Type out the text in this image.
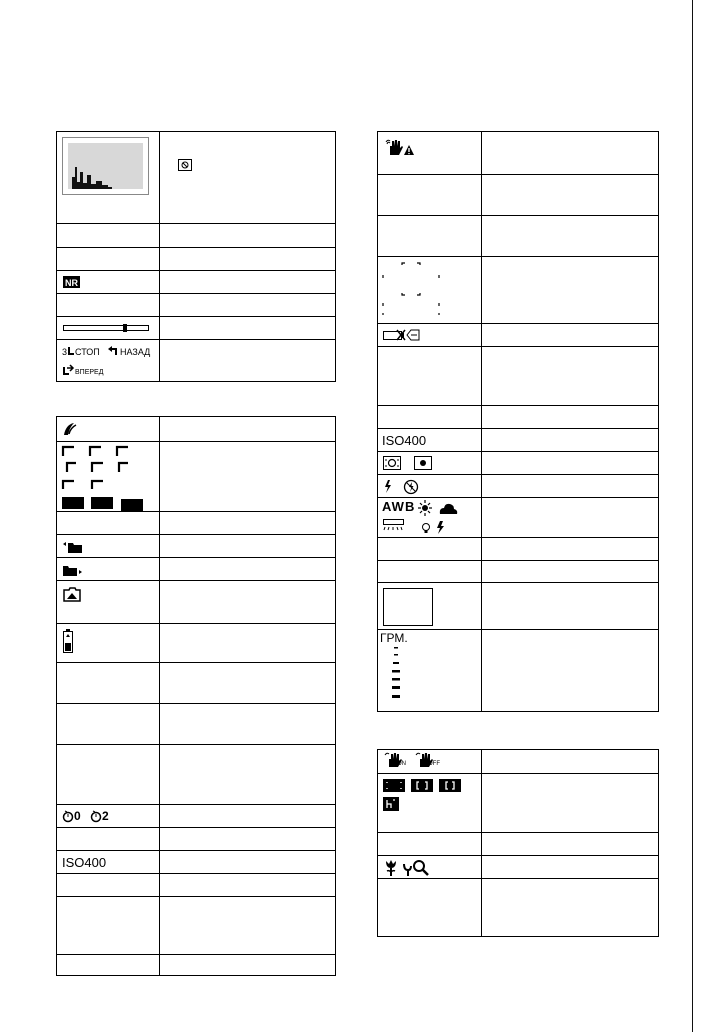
NR
3 СТОП НАЗАД
ВПЕРЕД
0 2
ISO400
ISO400
AWB
ГРМ.
ON	OFF
